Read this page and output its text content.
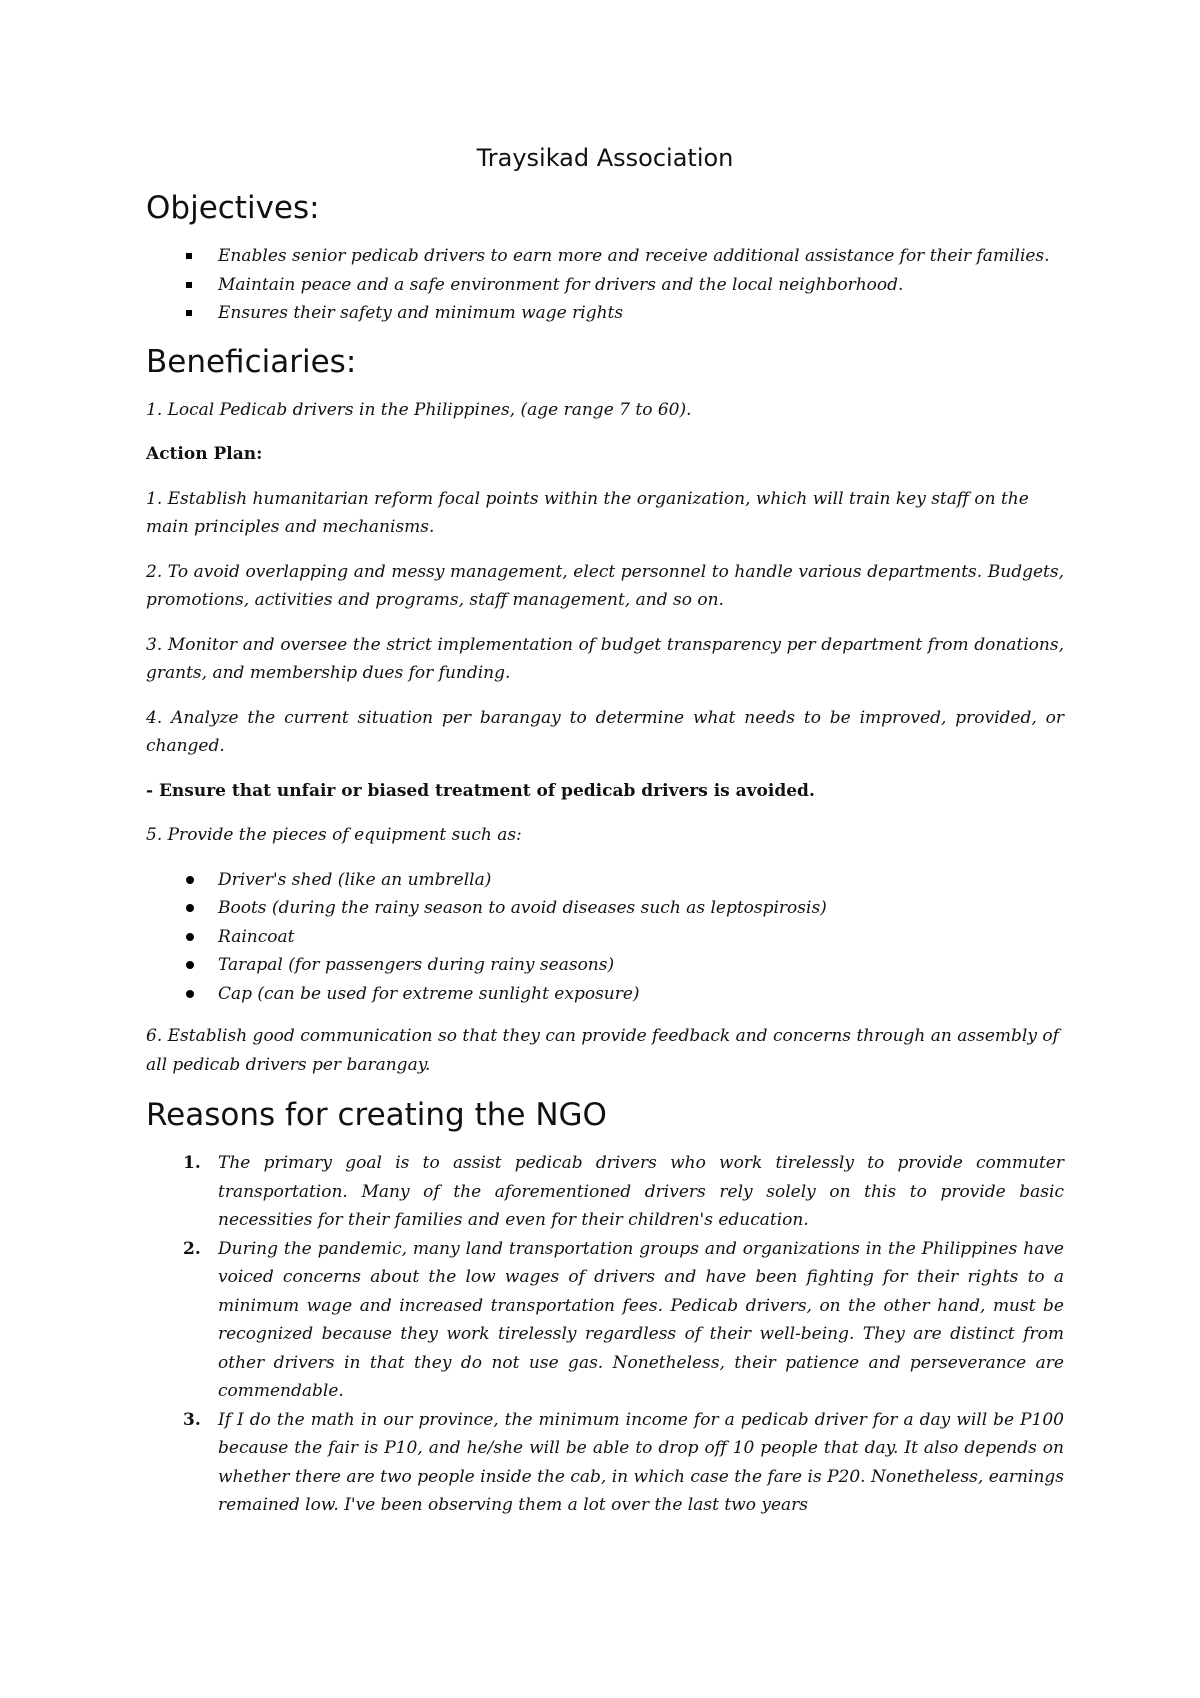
Traysikad Association
Objectives:
Enables senior pedicab drivers to earn more and receive additional assistance for their families.
Maintain peace and a safe environment for drivers and the local neighborhood.
Ensures their safety and minimum wage rights
Beneficiaries:

1. Local Pedicab drivers in the Philippines, (age range 7 to 60).

Action Plan:

1. Establish humanitarian reform focal points within the organization, which will train key staff on the main principles and mechanisms.

2. To avoid overlapping and messy management, elect personnel to handle various departments. Budgets, promotions, activities and programs, staff management, and so on.

3. Monitor and oversee the strict implementation of budget transparency per department from donations, grants, and membership dues for funding.

4. Analyze the current situation per barangay to determine what needs to be improved, provided, or changed.

- Ensure that unfair or biased treatment of pedicab drivers is avoided.

5. Provide the pieces of equipment such as:

Driver's shed (like an umbrella)
Boots (during the rainy season to avoid diseases such as leptospirosis)
Raincoat
Tarapal (for passengers during rainy seasons)
Cap (can be used for extreme sunlight exposure)

6. Establish good communication so that they can provide feedback and concerns through an assembly of all pedicab drivers per barangay.

Reasons for creating the NGO
1. The primary goal is to assist pedicab drivers who work tirelessly to provide commuter transportation. Many of the aforementioned drivers rely solely on this to provide basic necessities for their families and even for their children's education.
2. During the pandemic, many land transportation groups and organizations in the Philippines have voiced concerns about the low wages of drivers and have been fighting for their rights to a minimum wage and increased transportation fees. Pedicab drivers, on the other hand, must be recognized because they work tirelessly regardless of their well-being. They are distinct from other drivers in that they do not use gas. Nonetheless, their patience and perseverance are commendable.
3. If I do the math in our province, the minimum income for a pedicab driver for a day will be P100 because the fair is P10, and he/she will be able to drop off 10 people that day. It also depends on whether there are two people inside the cab, in which case the fare is P20. Nonetheless, earnings remained low. I've been observing them a lot over the last two years
